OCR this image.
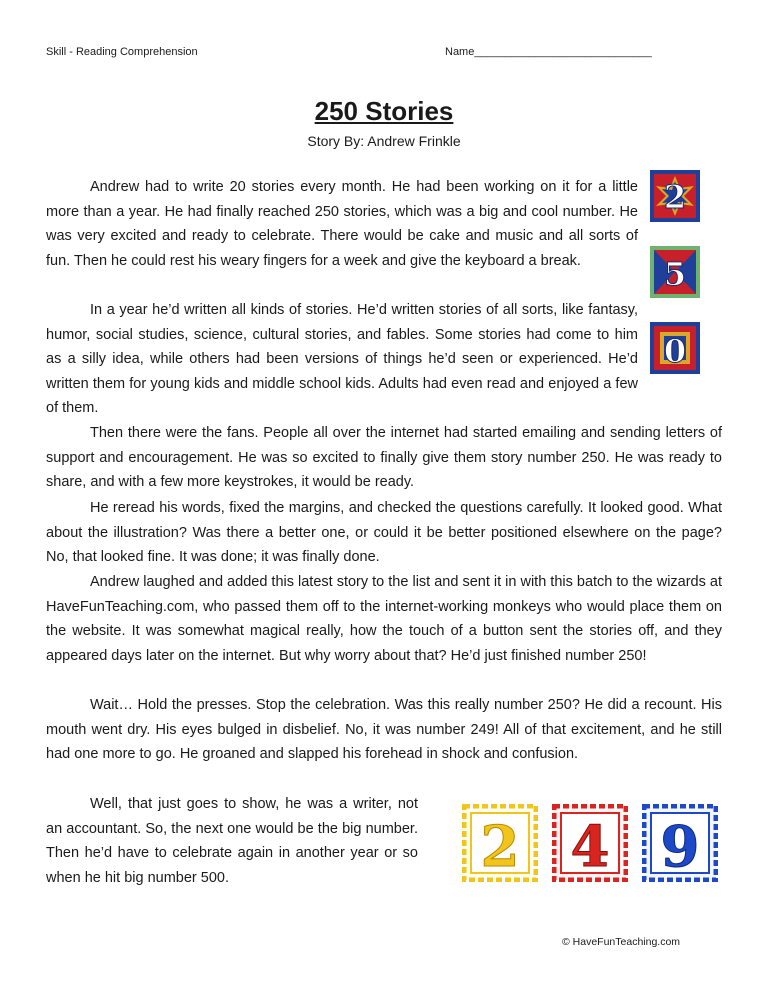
Skill - Reading Comprehension	Name_____________________________
250 Stories
Story By: Andrew Frinkle

Andrew had to write 20 stories every month. He had been working on it for a little more than a year. He had finally reached 250 stories, which was a big and cool number. He was very excited and ready to celebrate. There would be cake and music and all sorts of fun. Then he could rest his weary fingers for a week and give the keyboard a break.

In a year he’d written all kinds of stories. He’d written stories of all sorts, like fantasy, humor, social studies, science, cultural stories, and fables. Some stories had come to him as a silly idea, while others had been versions of things he’d seen or experienced. He’d written them for young kids and middle school kids. Adults had even read and enjoyed a few of them.

Then there were the fans. People all over the internet had started emailing and sending letters of support and encouragement. He was so excited to finally give them story number 250. He was ready to share, and with a few more keystrokes, it would be ready.

He reread his words, fixed the margins, and checked the questions carefully. It looked good. What about the illustration? Was there a better one, or could it be better positioned elsewhere on the page? No, that looked fine. It was done; it was finally done.

Andrew laughed and added this latest story to the list and sent it in with this batch to the wizards at HaveFunTeaching.com, who passed them off to the internet-working monkeys who would place them on the website. It was somewhat magical really, how the touch of a button sent the stories off, and they appeared days later on the internet. But why worry about that? He’d just finished number 250!

Wait… Hold the presses. Stop the celebration. Was this really number 250? He did a recount. His mouth went dry. His eyes bulged in disbelief. No, it was number 249! All of that excitement, and he still had one more to go. He groaned and slapped his forehead in shock and confusion.

Well, that just goes to show, he was a writer, not an accountant. So, the next one would be the big number. Then he’d have to celebrate again in another year or so when he hit big number 500.

2
5
0
2 4 9
© HaveFunTeaching.com
